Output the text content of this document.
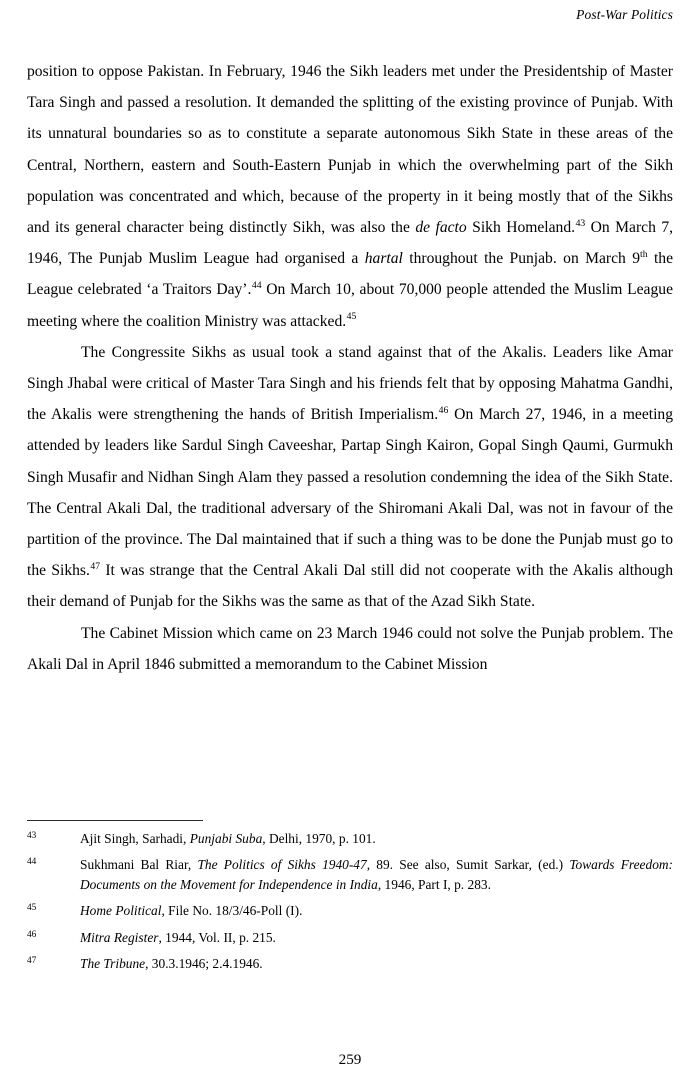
Post-War Politics

position to oppose Pakistan. In February, 1946 the Sikh leaders met under the Presidentship of Master Tara Singh and passed a resolution. It demanded the splitting of the existing province of Punjab. With its unnatural boundaries so as to constitute a separate autonomous Sikh State in these areas of the Central, Northern, eastern and South-Eastern Punjab in which the overwhelming part of the Sikh population was concentrated and which, because of the property in it being mostly that of the Sikhs and its general character being distinctly Sikh, was also the de facto Sikh Homeland.$^{43}$ On March 7, 1946, The Punjab Muslim League had organised a hartal throughout the Punjab. on March 9th the League celebrated ‘a Traitors Day’.$^{44}$ On March 10, about 70,000 people attended the Muslim League meeting where the coalition Ministry was attacked.$^{45}$

The Congressite Sikhs as usual took a stand against that of the Akalis. Leaders like Amar Singh Jhabal were critical of Master Tara Singh and his friends felt that by opposing Mahatma Gandhi, the Akalis were strengthening the hands of British Imperialism.$^{46}$ On March 27, 1946, in a meeting attended by leaders like Sardul Singh Caveeshar, Partap Singh Kairon, Gopal Singh Qaumi, Gurmukh Singh Musafir and Nidhan Singh Alam they passed a resolution condemning the idea of the Sikh State. The Central Akali Dal, the traditional adversary of the Shiromani Akali Dal, was not in favour of the partition of the province. The Dal maintained that if such a thing was to be done the Punjab must go to the Sikhs.$^{47}$ It was strange that the Central Akali Dal still did not cooperate with the Akalis although their demand of Punjab for the Sikhs was the same as that of the Azad Sikh State.

The Cabinet Mission which came on 23 March 1946 could not solve the Punjab problem. The Akali Dal in April 1846 submitted a memorandum to the Cabinet Mission

43	Ajit Singh, Sarhadi, Punjabi Suba, Delhi, 1970, p. 101.
44	Sukhmani Bal Riar, The Politics of Sikhs 1940-47, 89. See also, Sumit Sarkar, (ed.) Towards Freedom: Documents on the Movement for Independence in India, 1946, Part I, p. 283.
45	Home Political, File No. 18/3/46-Poll (I).
46	Mitra Register, 1944, Vol. II, p. 215.
47	The Tribune, 30.3.1946; 2.4.1946.
259
